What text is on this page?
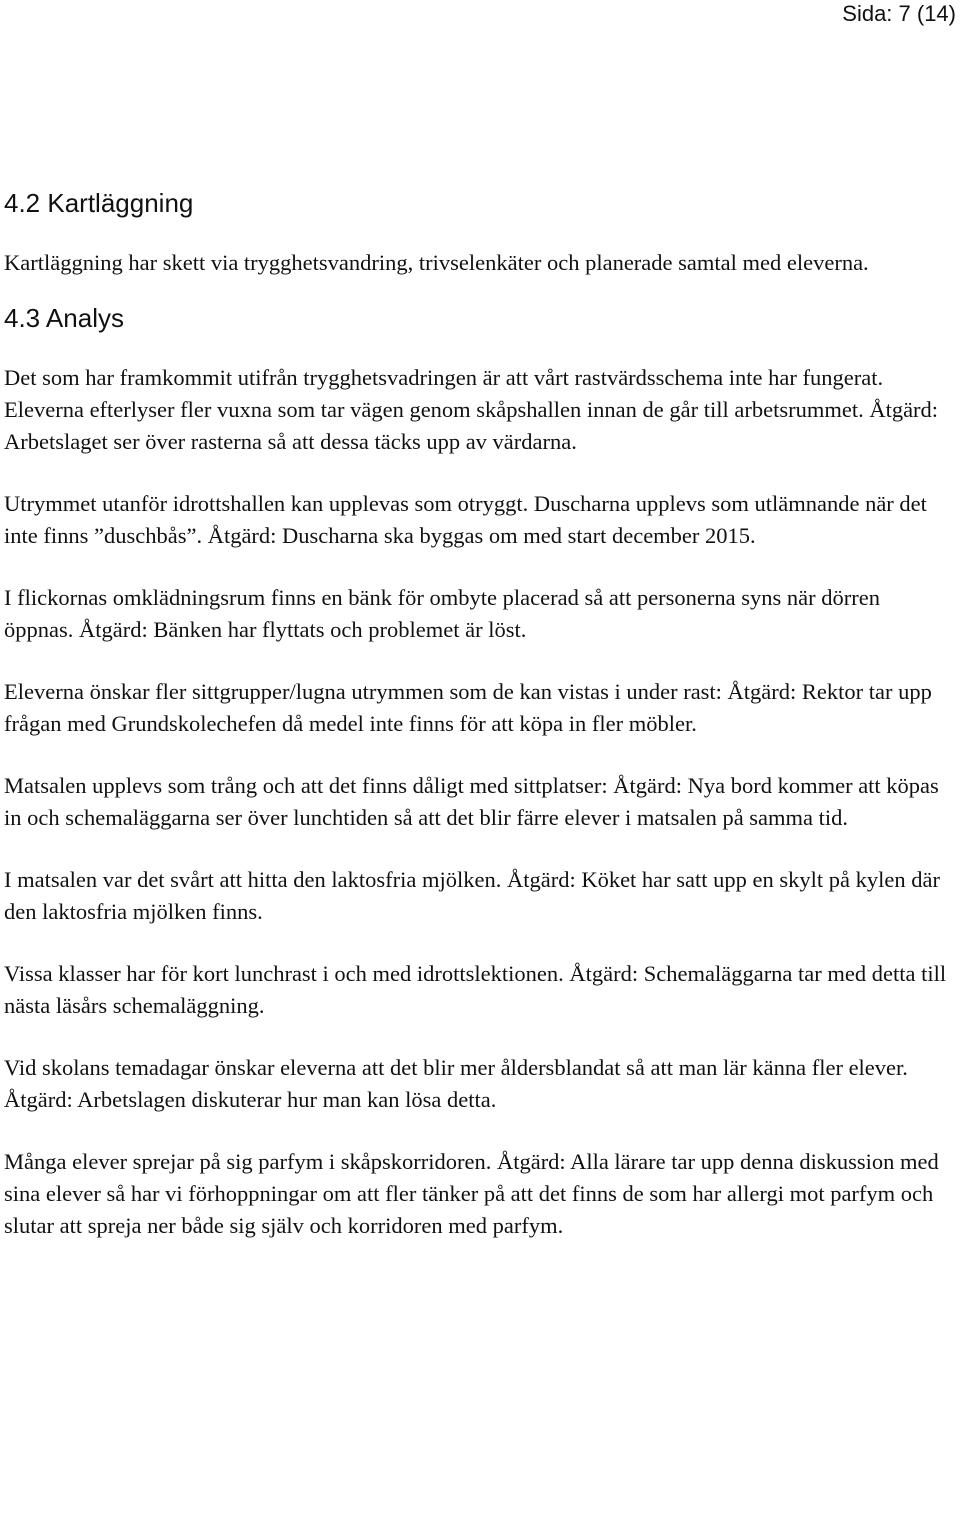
Sida: 7 (14)

4.2 Kartläggning

Kartläggning har skett via trygghetsvandring, trivselenkäter och planerade samtal med eleverna.

4.3 Analys

Det som har framkommit utifrån trygghetsvadringen är att vårt rastvärdsschema inte har fungerat. Eleverna efterlyser fler vuxna som tar vägen genom skåpshallen innan de går till arbetsrummet. Åtgärd: Arbetslaget ser över rasterna så att dessa täcks upp av värdarna.

Utrymmet utanför idrottshallen kan upplevas som otryggt. Duscharna upplevs som utlämnande när det inte finns ”duschbås”. Åtgärd: Duscharna ska byggas om med start december 2015.

I flickornas omklädningsrum finns en bänk för ombyte placerad så att personerna syns när dörren öppnas. Åtgärd: Bänken har flyttats och problemet är löst.

Eleverna önskar fler sittgrupper/lugna utrymmen som de kan vistas i under rast: Åtgärd: Rektor tar upp frågan med Grundskolechefen då medel inte finns för att köpa in fler möbler.

Matsalen upplevs som trång och att det finns dåligt med sittplatser: Åtgärd: Nya bord kommer att köpas in och schemaläggarna ser över lunchtiden så att det blir färre elever i matsalen på samma tid.

I matsalen var det svårt att hitta den laktosfria mjölken. Åtgärd: Köket har satt upp en skylt på kylen där den laktosfria mjölken finns.

Vissa klasser har för kort lunchrast i och med idrottslektionen. Åtgärd: Schemaläggarna tar med detta till nästa läsårs schemaläggning.

Vid skolans temadagar önskar eleverna att det blir mer åldersblandat så att man lär känna fler elever. Åtgärd: Arbetslagen diskuterar hur man kan lösa detta.

Många elever sprejar på sig parfym i skåpskorridoren. Åtgärd: Alla lärare tar upp denna diskussion med sina elever så har vi förhoppningar om att fler tänker på att det finns de som har allergi mot parfym och slutar att spreja ner både sig själv och korridoren med parfym.
